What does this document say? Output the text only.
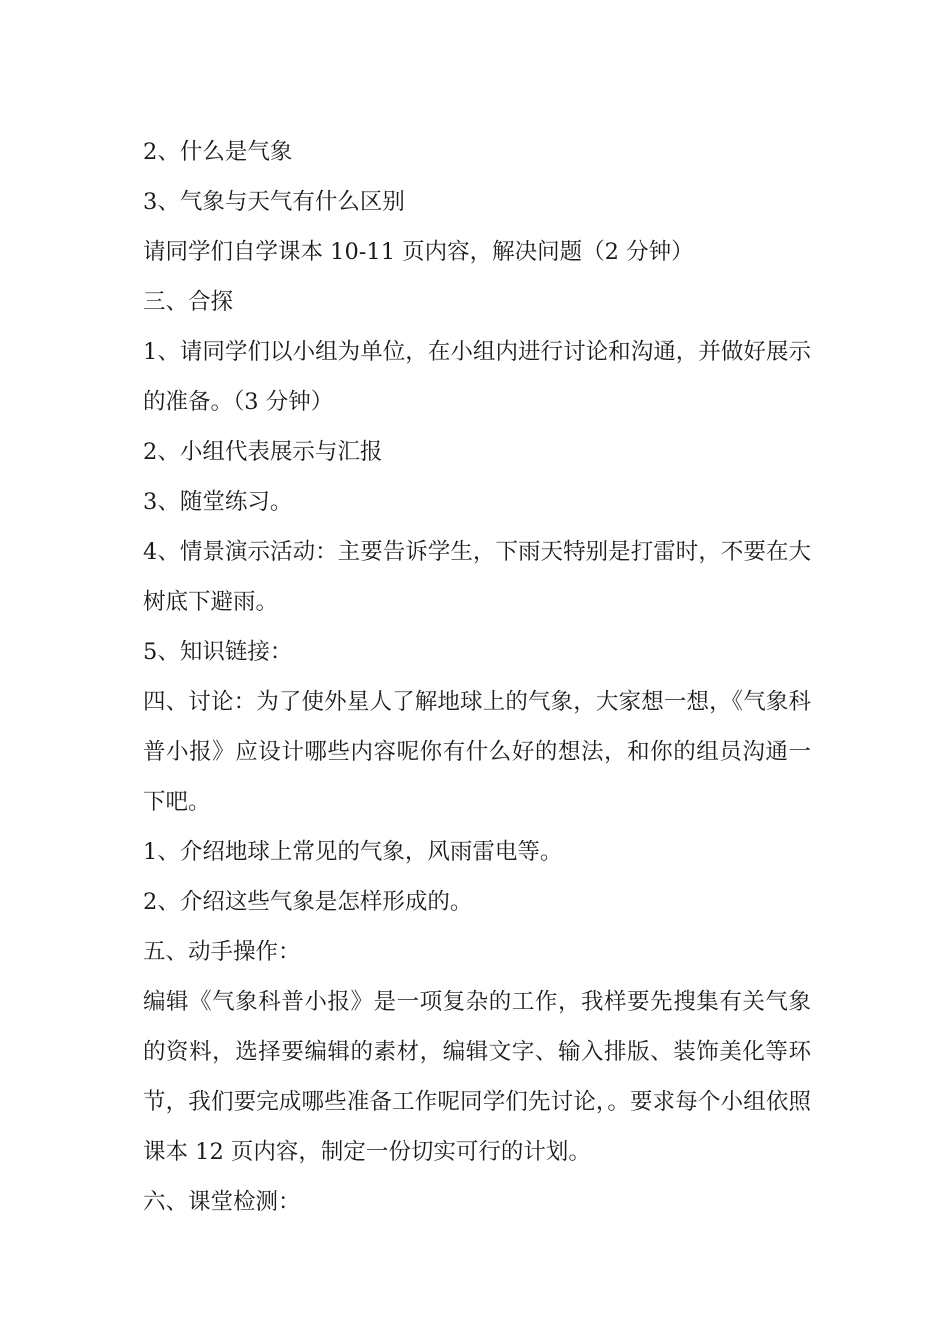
2、什么是气象

3、气象与天气有什么区别

请同学们自学课本 10-11 页内容，解决问题（2 分钟）

三、合探

1、请同学们以小组为单位，在小组内进行讨论和沟通，并做好展示的准备。（3 分钟）

2、小组代表展示与汇报

3、随堂练习。

4、情景演示活动：主要告诉学生，下雨天特别是打雷时，不要在大树底下避雨。

5、知识链接：

四、讨论：为了使外星人了解地球上的气象，大家想一想，《气象科普小报》应设计哪些内容呢你有什么好的想法，和你的组员沟通一下吧。

1、介绍地球上常见的气象，风雨雷电等。

2、介绍这些气象是怎样形成的。

五、动手操作：

编辑《气象科普小报》是一项复杂的工作，我样要先搜集有关气象的资料，选择要编辑的素材，编辑文字、输入排版、装饰美化等环节，我们要完成哪些准备工作呢同学们先讨论，。要求每个小组依照课本 12 页内容，制定一份切实可行的计划。

六、课堂检测：
